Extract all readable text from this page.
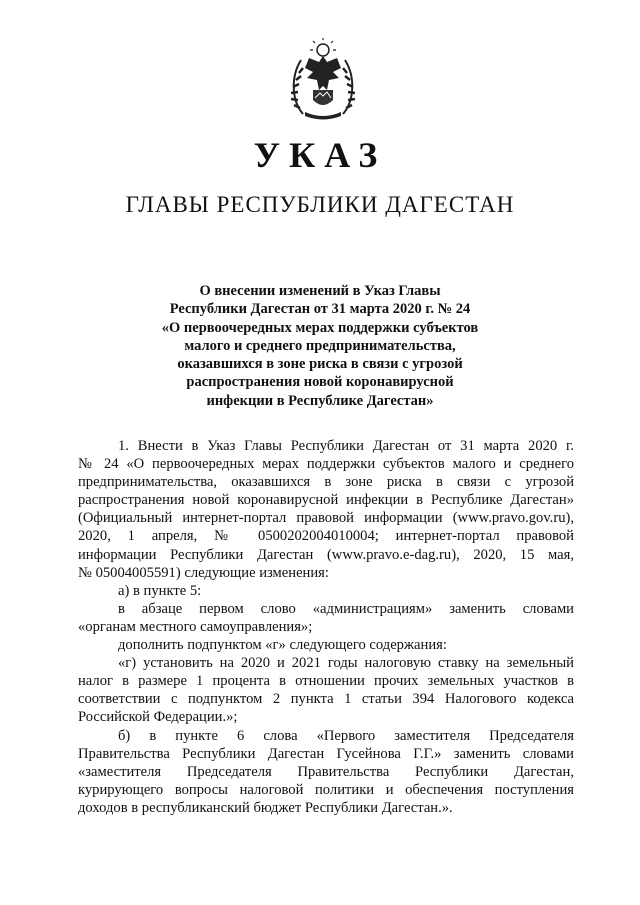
УКАЗ
ГЛАВЫ РЕСПУБЛИКИ ДАГЕСТАН
О внесении изменений в Указ Главы
Республики Дагестан от 31 марта 2020 г. № 24
«О первоочередных мерах поддержки субъектов
малого и среднего предпринимательства,
оказавшихся в зоне риска в связи с угрозой
распространения новой коронавирусной
инфекции в Республике Дагестан»
1. Внести в Указ Главы Республики Дагестан от 31 марта 2020 г.
№ 24 «О первоочередных мерах поддержки субъектов малого и среднего
предпринимательства, оказавшихся в зоне риска в связи с угрозой
распространения новой коронавирусной инфекции в Республике Дагестан»
(Официальный интернет-портал правовой информации (www.pravo.gov.ru),
2020, 1 апреля, № 0500202004010004; интернет-портал правовой
информации Республики Дагестан (www.pravo.e-dag.ru), 2020, 15 мая,
№ 05004005591) следующие изменения:
а) в пункте 5:
в абзаце первом слово «администрациям» заменить словами
«органам местного самоуправления»;
дополнить подпунктом «г» следующего содержания:
«г) установить на 2020 и 2021 годы налоговую ставку на земельный
налог в размере 1 процента в отношении прочих земельных участков в
соответствии с подпунктом 2 пункта 1 статьи 394 Налогового кодекса
Российской Федерации.»;
б) в пункте 6 слова «Первого заместителя Председателя
Правительства Республики Дагестан Гусейнова Г.Г.» заменить словами
«заместителя Председателя Правительства Республики Дагестан,
курирующего вопросы налоговой политики и обеспечения поступления
доходов в республиканский бюджет Республики Дагестан.».
